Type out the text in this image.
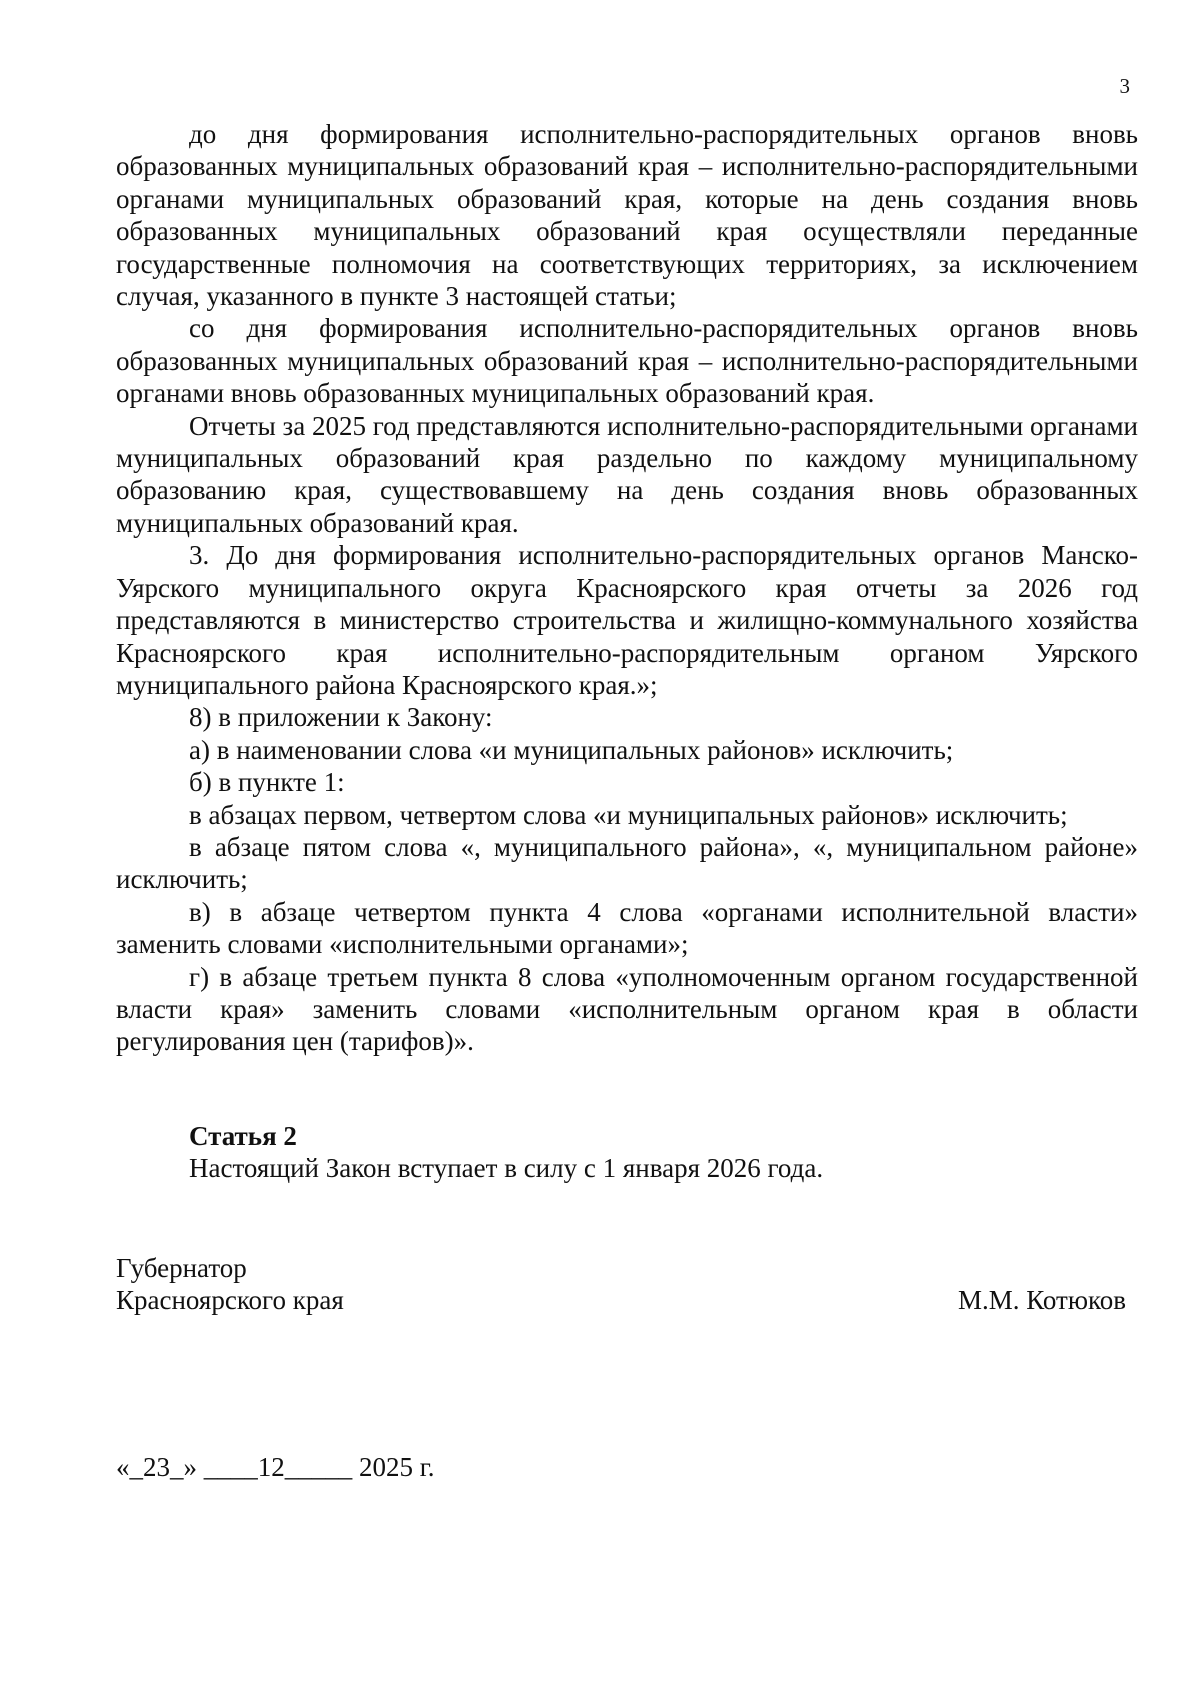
3

до дня формирования исполнительно-распорядительных органов вновь образованных муниципальных образований края – исполнительно-распорядительными органами муниципальных образований края, которые на день создания вновь образованных муниципальных образований края осуществляли переданные государственные полномочия на соответствующих территориях, за исключением случая, указанного в пункте 3 настоящей статьи;

со дня формирования исполнительно-распорядительных органов вновь образованных муниципальных образований края – исполнительно-распорядительными органами вновь образованных муниципальных образований края.

Отчеты за 2025 год представляются исполнительно-распорядительными органами муниципальных образований края раздельно по каждому муниципальному образованию края, существовавшему на день создания вновь образованных муниципальных образований края.

3. До дня формирования исполнительно-распорядительных органов Манско-Уярского муниципального округа Красноярского края отчеты за 2026 год представляются в министерство строительства и жилищно-коммунального хозяйства Красноярского края исполнительно-распорядительным органом Уярского муниципального района Красноярского края.»;

8) в приложении к Закону:

а) в наименовании слова «и муниципальных районов» исключить;

б) в пункте 1:

в абзацах первом, четвертом слова «и муниципальных районов» исключить;

в абзаце пятом слова «, муниципального района», «, муниципальном районе» исключить;

в) в абзаце четвертом пункта 4 слова «органами исполнительной власти» заменить словами «исполнительными органами»;

г) в абзаце третьем пункта 8 слова «уполномоченным органом государственной власти края» заменить словами «исполнительным органом края в области регулирования цен (тарифов)».

Статья 2
Настоящий Закон вступает в силу с 1 января 2026 года.
Губернатор
Красноярского края	М.М. Котюков
«_23_» ____12_____ 2025 г.
